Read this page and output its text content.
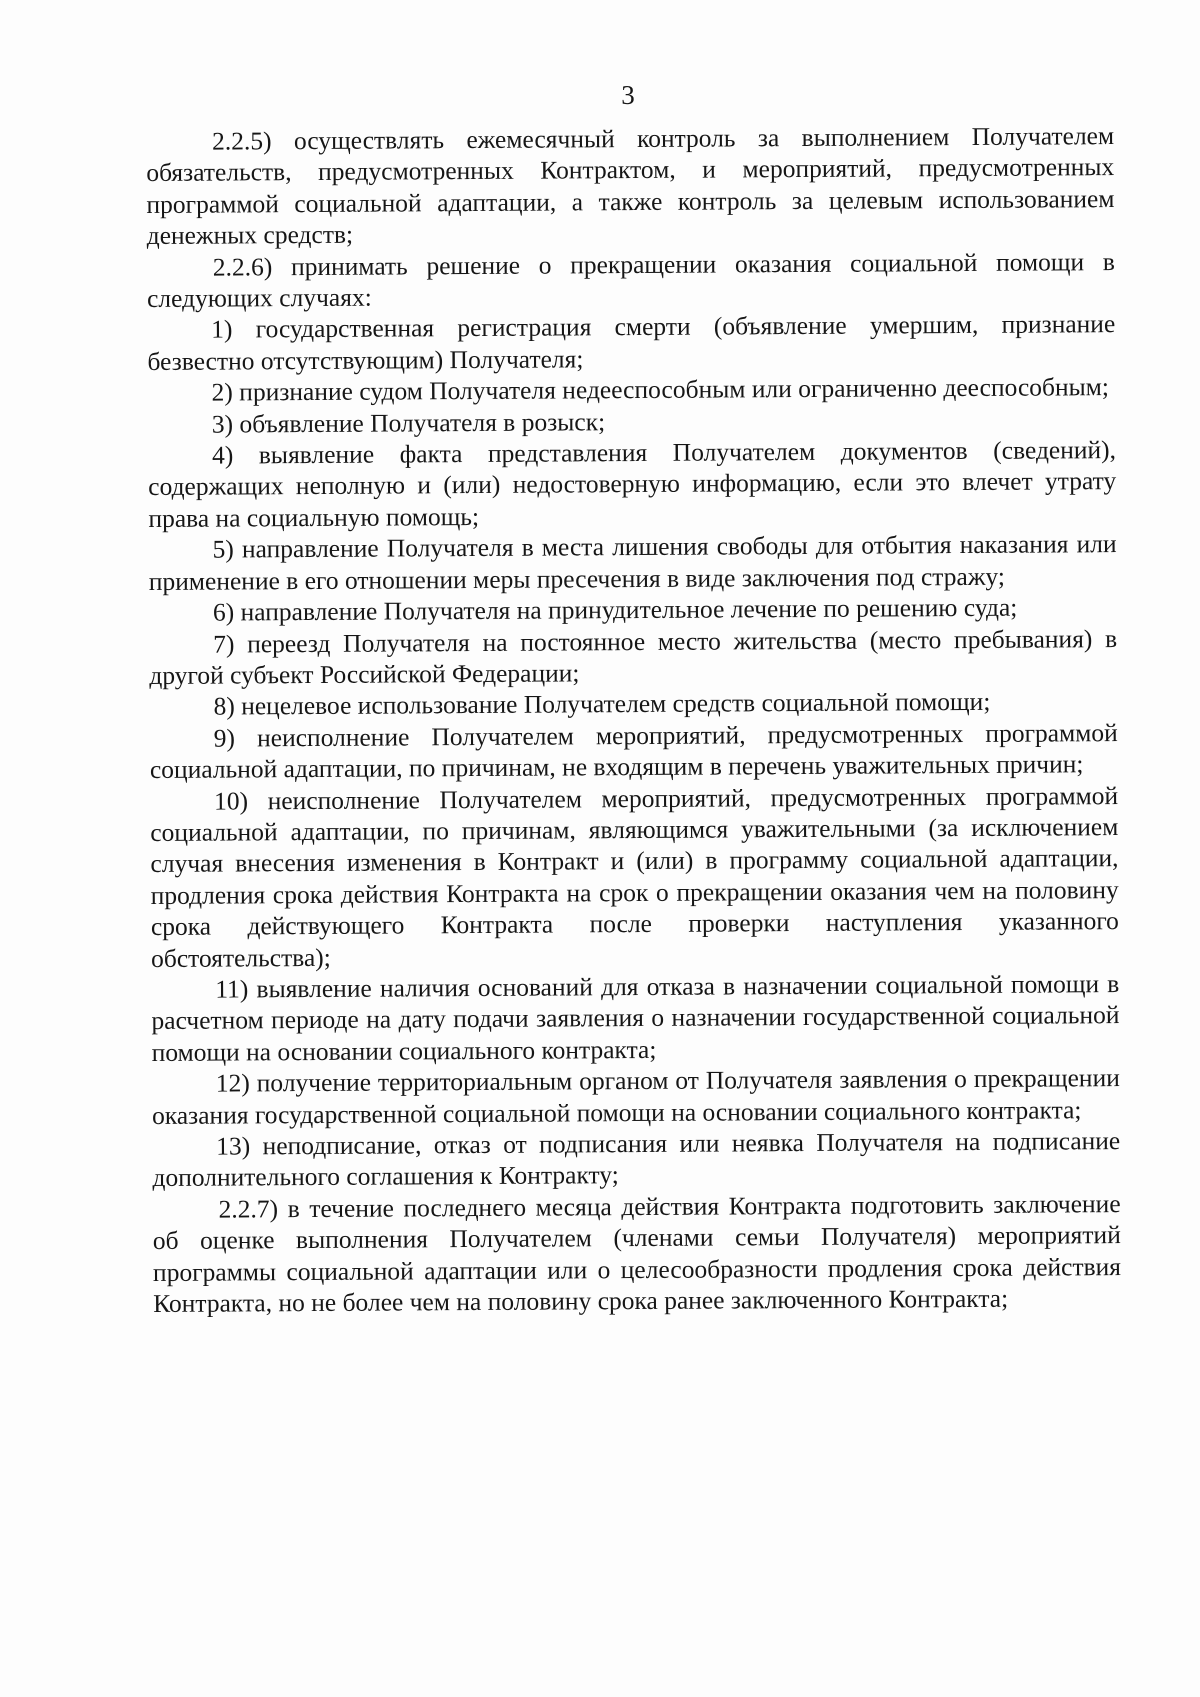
3

2.2.5) осуществлять ежемесячный контроль за выполнением Получателем обязательств, предусмотренных Контрактом, и мероприятий, предусмотренных программой социальной адаптации, а также контроль за целевым использованием денежных средств;

2.2.6) принимать решение о прекращении оказания социальной помощи в следующих случаях:

1) государственная регистрация смерти (объявление умершим, признание безвестно отсутствующим) Получателя;

2) признание судом Получателя недееспособным или ограниченно дееспособным;

3) объявление Получателя в розыск;

4) выявление факта представления Получателем документов (сведений), содержащих неполную и (или) недостоверную информацию, если это влечет утрату права на социальную помощь;

5) направление Получателя в места лишения свободы для отбытия наказания или применение в его отношении меры пресечения в виде заключения под стражу;

6) направление Получателя на принудительное лечение по решению суда;

7) переезд Получателя на постоянное место жительства (место пребывания) в другой субъект Российской Федерации;

8) нецелевое использование Получателем средств социальной помощи;

9) неисполнение Получателем мероприятий, предусмотренных программой социальной адаптации, по причинам, не входящим в перечень уважительных причин;

10) неисполнение Получателем мероприятий, предусмотренных программой социальной адаптации, по причинам, являющимся уважительными (за исключением случая внесения изменения в Контракт и (или) в программу социальной адаптации, продления срока действия Контракта на срок о прекращении оказания чем на половину срока действующего Контракта после проверки наступления указанного обстоятельства);

11) выявление наличия оснований для отказа в назначении социальной помощи в расчетном периоде на дату подачи заявления о назначении государственной социальной помощи на основании социального контракта;

12) получение территориальным органом от Получателя заявления о прекращении оказания государственной социальной помощи на основании социального контракта;

13) неподписание, отказ от подписания или неявка Получателя на подписание дополнительного соглашения к Контракту;

2.2.7) в течение последнего месяца действия Контракта подготовить заключение об оценке выполнения Получателем (членами семьи Получателя) мероприятий программы социальной адаптации или о целесообразности продления срока действия Контракта, но не более чем на половину срока ранее заключенного Контракта;
